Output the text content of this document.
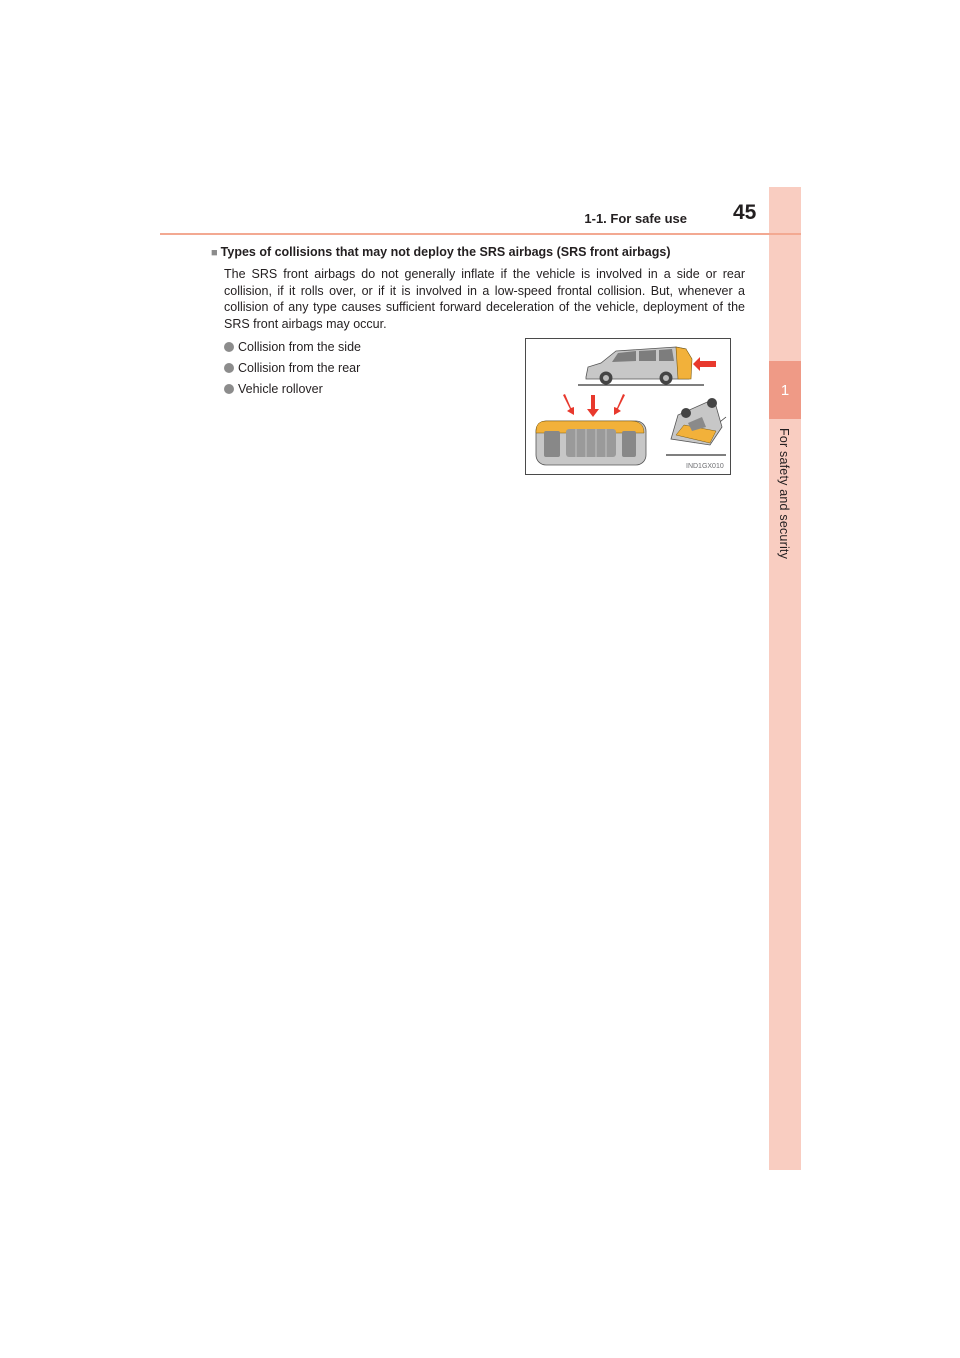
1
For safety and security
1-1. For safe use 45
■ Types of collisions that may not deploy the SRS airbags (SRS front airbags)
The SRS front airbags do not generally inflate if the vehicle is involved in a side or rear collision, if it rolls over, or if it is involved in a low-speed frontal collision. But, whenever a collision of any type causes sufficient forward deceleration of the vehicle, deployment of the SRS front airbags may occur.
Collision from the side
Collision from the rear
Vehicle rollover
IND1GX010
